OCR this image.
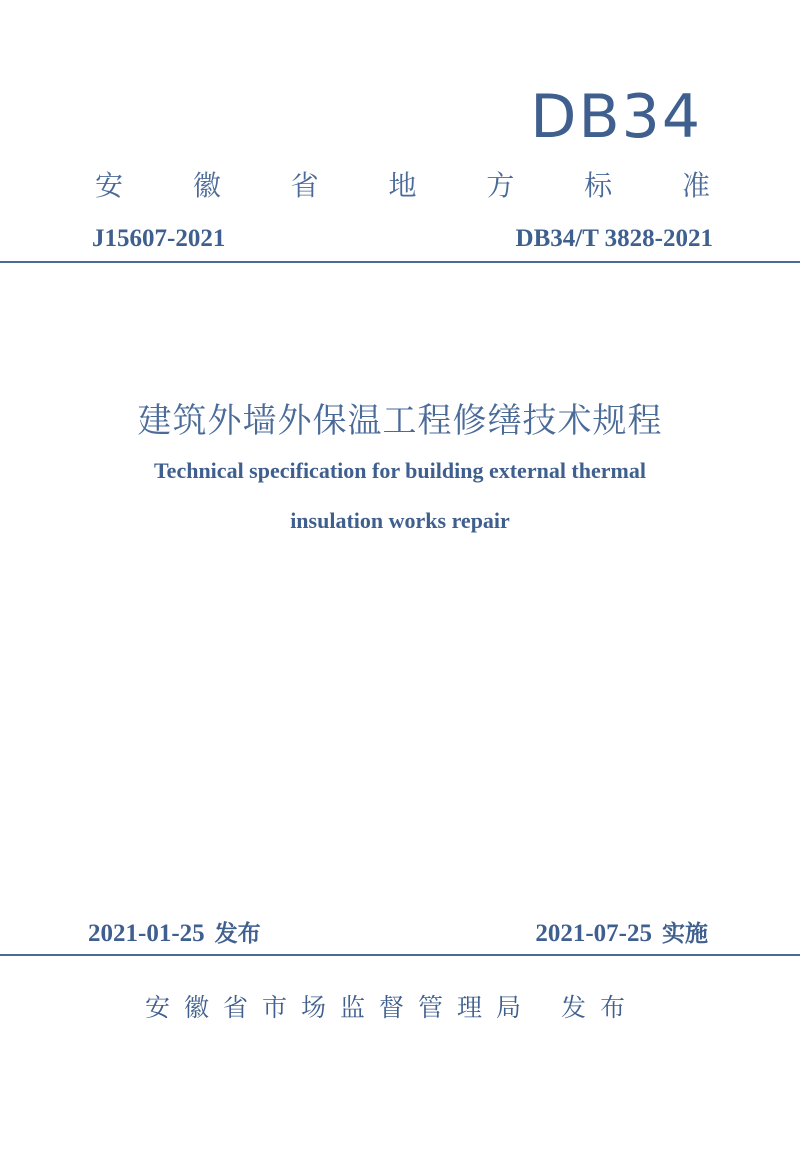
DB34
安 徽 省 地 方 标 准
J15607-2021	DB34/T 3828-2021
建筑外墙外保温工程修缮技术规程
Technical specification for building external thermal
insulation works repair
2021-01-25 发布	2021-07-25 实施
安徽省市场监督管理局 发布
